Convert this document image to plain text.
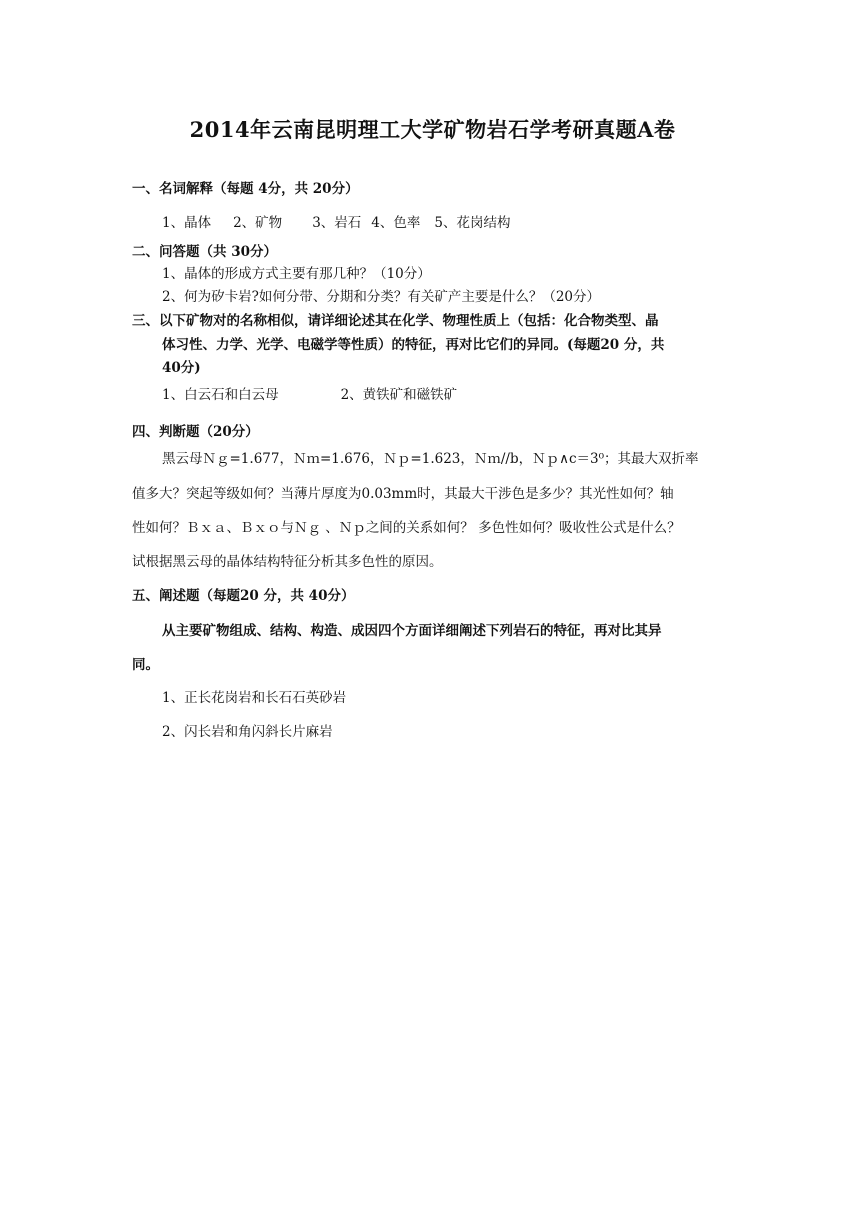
2014年云南昆明理工大学矿物岩石学考研真题A卷
一、名词解释（每题 4分，共 20分）
1、晶体 2、矿物 3、岩石 4、色率 5、花岗结构
二、问答题（共 30分）
1、晶体的形成方式主要有那几种？（10分）
2、何为矽卡岩?如何分带、分期和分类？有关矿产主要是什么？（20分）
三、以下矿物对的名称相似，请详细论述其在化学、物理性质上（包括：化合物类型、晶
体习性、力学、光学、电磁学等性质）的特征，再对比它们的异同。(每题20 分，共
40分)
1、白云石和白云母	2、黄铁矿和磁铁矿
四、判断题（20分）
黑云母Ｎｇ=1.677，Ｎｍ=1.676，Ｎｐ=1.623，Ｎｍ//b，Ｎｐ∧c＝3⁰；其最大双折率
值多大？突起等级如何？当薄片厚度为0.03mm时，其最大干涉色是多少？其光性如何？轴
性如何？Ｂｘａ、Ｂｘｏ与Ｎｇ 、Ｎｐ之间的关系如何？ 多色性如何？吸收性公式是什么？
试根据黑云母的晶体结构特征分析其多色性的原因。
五、阐述题（每题20 分，共 40分）
从主要矿物组成、结构、构造、成因四个方面详细阐述下列岩石的特征，再对比其异
同。
1、正长花岗岩和长石石英砂岩
2、闪长岩和角闪斜长片麻岩
